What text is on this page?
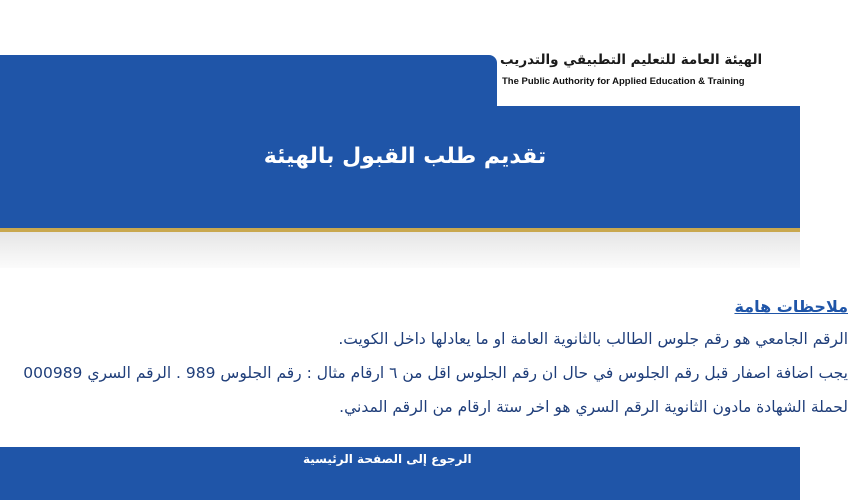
الهيئة العامة للتعليم التطبيقي والتدريب
The Public Authority for Applied Education & Training
تقديم طلب القبول بالهيئة
ملاحظات هامة
الرقم الجامعي هو رقم جلوس الطالب بالثانوية العامة او ما يعادلها داخل الكويت.
يجب اضافة اصفار قبل رقم الجلوس في حال ان رقم الجلوس اقل من ٦ ارقام مثال : رقم الجلوس 989 . الرقم السري 000989
لحملة الشهادة مادون الثانوية الرقم السري هو اخر ستة ارقام من الرقم المدني.
الرجوع إلى الصفحة الرئيسية
